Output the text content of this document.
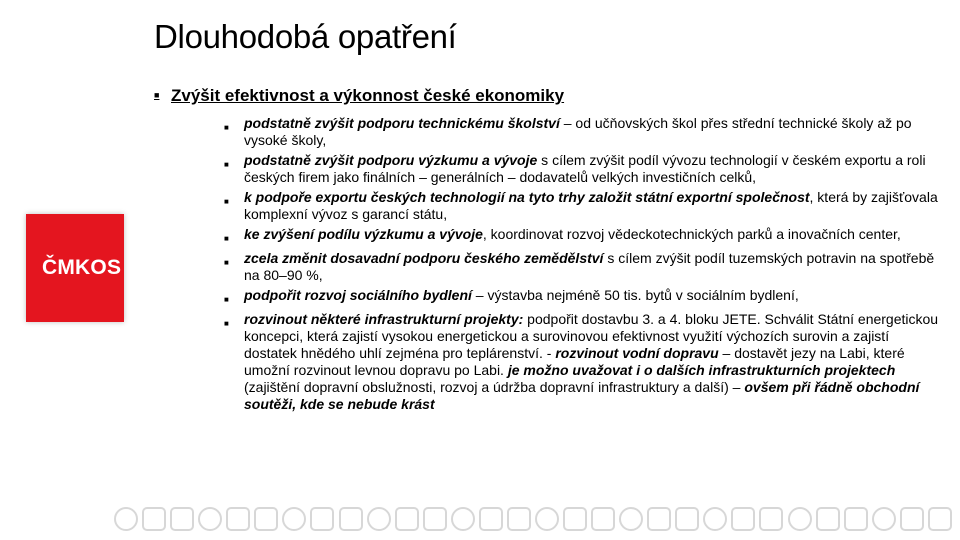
Dlouhodobá opatření
ČMKOS
■ Zvýšit efektivnost a výkonnost české ekonomiky
■	podstatně zvýšit podporu technickému školství – od učňovských škol přes střední technické školy až po vysoké školy,
■	podstatně zvýšit podporu výzkumu a vývoje s cílem zvýšit podíl vývozu technologií v českém exportu a roli českých firem jako finálních – generálních – dodavatelů velkých investičních celků,
■	k podpoře exportu českých technologií na tyto trhy založit státní exportní společnost, která by zajišťovala komplexní vývoz s garancí státu,
■	ke zvýšení podílu výzkumu a vývoje, koordinovat rozvoj vědeckotechnických parků a inovačních center,
■	zcela změnit dosavadní podporu českého zemědělství s cílem zvýšit podíl tuzemských potravin na spotřebě na 80–90 %,
■	podpořit rozvoj sociálního bydlení – výstavba nejméně 50 tis. bytů v sociálním bydlení,
■	rozvinout některé infrastrukturní projekty: podpořit dostavbu 3. a 4. bloku JETE. Schválit Státní energetickou koncepci, která zajistí vysokou energetickou a surovinovou efektivnost využití výchozích surovin a zajistí dostatek hnědého uhlí zejména pro teplárenství. - rozvinout vodní dopravu – dostavět jezy na Labi, které umožní rozvinout levnou dopravu po Labi. je možno uvažovat i o dalších infrastrukturních projektech (zajištění dopravní obslužnosti, rozvoj a údržba dopravní infrastruktury a další) – ovšem při řádně obchodní soutěži, kde se nebude krást
